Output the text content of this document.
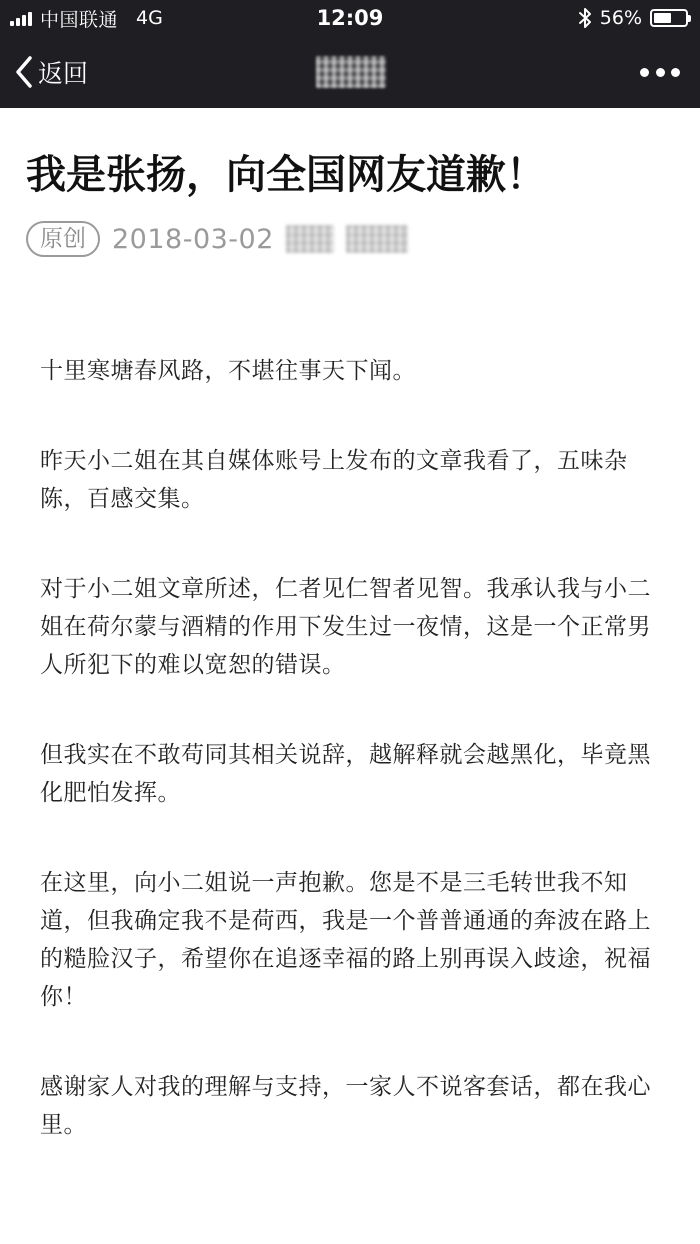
中国联通 4G	12:09	56%
返回
我是张扬，向全国网友道歉！
原创 2018-03-02

十里寒塘春风路，不堪往事天下闻。

昨天小二姐在其自媒体账号上发布的文章我看了，五味杂陈，百感交集。

对于小二姐文章所述，仁者见仁智者见智。我承认我与小二姐在荷尔蒙与酒精的作用下发生过一夜情，这是一个正常男人所犯下的难以宽恕的错误。

但我实在不敢苟同其相关说辞，越解释就会越黑化，毕竟黑化肥怕发挥。

在这里，向小二姐说一声抱歉。您是不是三毛转世我不知道，但我确定我不是荷西，我是一个普普通通的奔波在路上的糙脸汉子，希望你在追逐幸福的路上别再误入歧途，祝福你！

感谢家人对我的理解与支持，一家人不说客套话，都在我心里。
